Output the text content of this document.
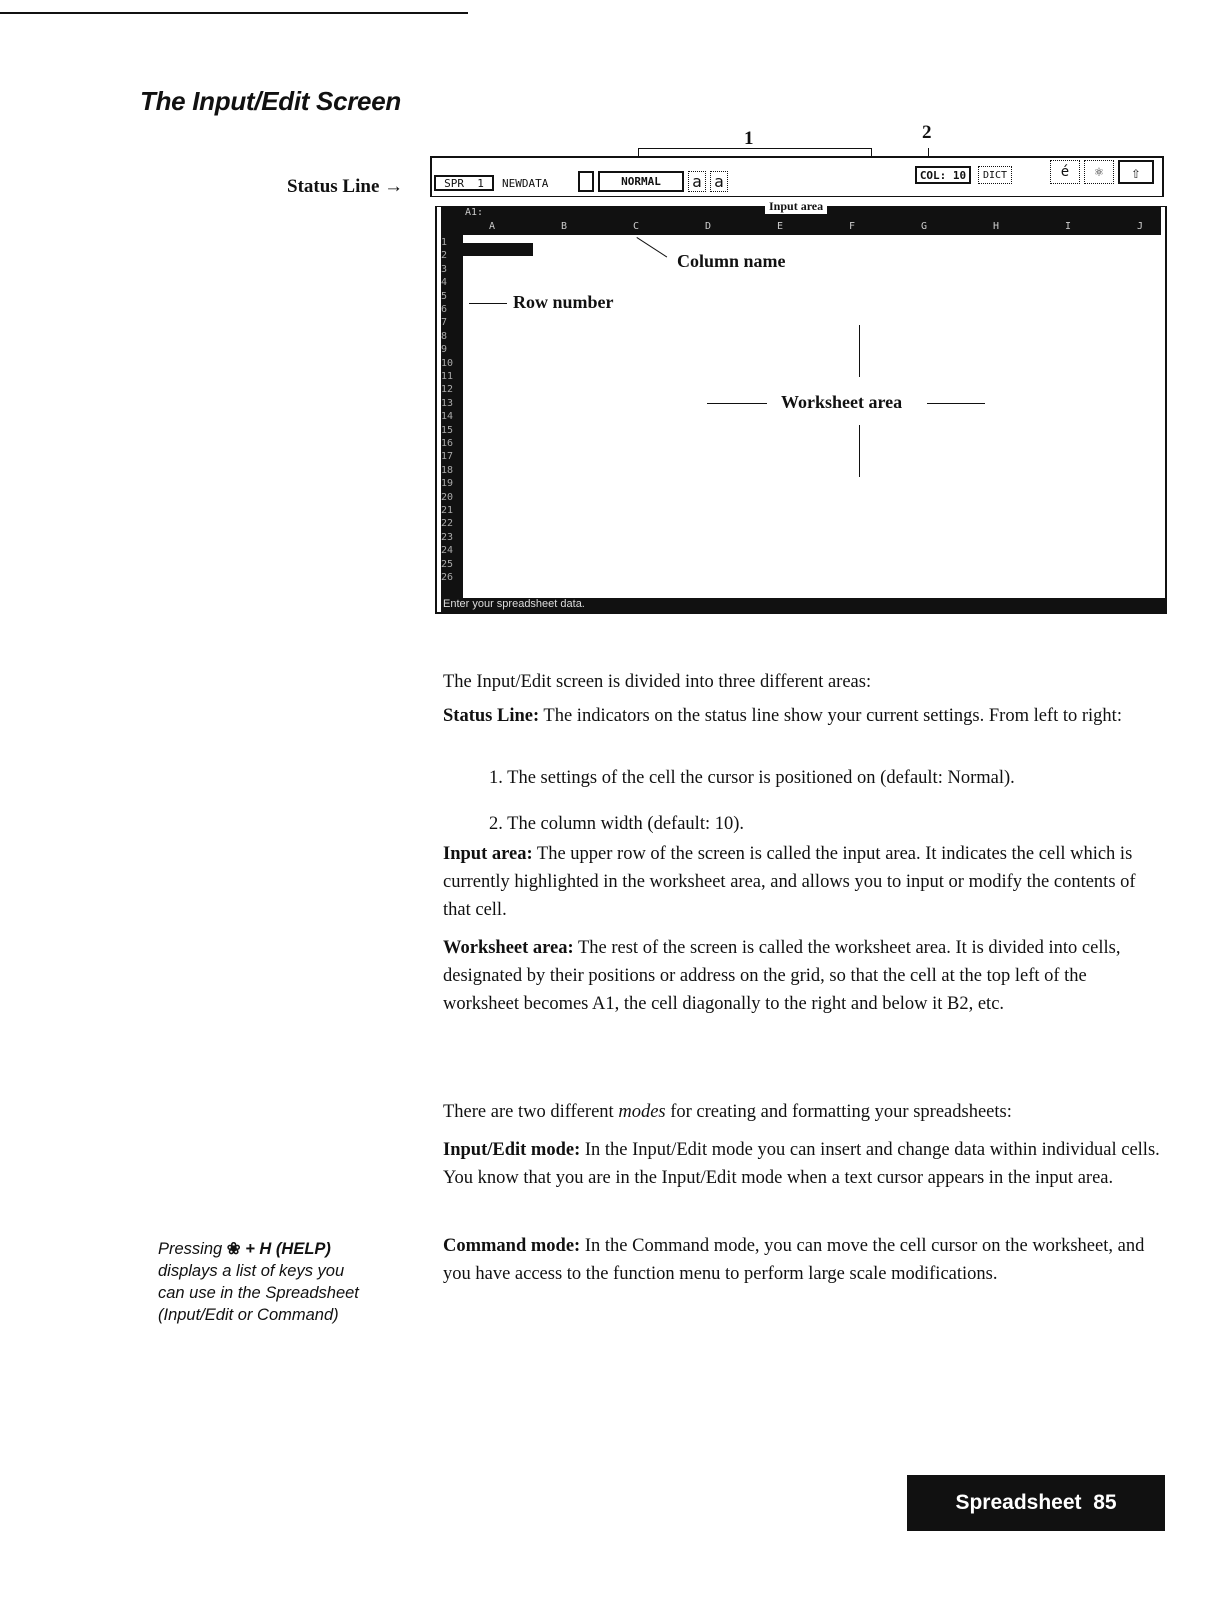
The Input/Edit Screen
Status Line →
1	2
SPR
1 NEWDATA	NORMAL	a a	COL: 10	DICT	é	⚛	⇧
A1:	Input area
A	B	C	D	E	F	G	H	I	J
1
2
3
4
5
6
7
8
9
10
11
12
13
14
15
16
17
18
19
20
21
22
23
24
25
26
Enter your spreadsheet data.
Column name
Row number
Worksheet area
The Input/Edit screen is divided into three different areas:

Status Line: The indicators on the status line show your current settings. From left to right:

1. The settings of the cell the cursor is positioned on (default: Normal).
2. The column width (default: 10).

Input area: The upper row of the screen is called the input area. It indicates the cell which is currently highlighted in the worksheet area, and allows you to input or modify the contents of that cell.

Worksheet area: The rest of the screen is called the worksheet area. It is divided into cells, designated by their positions or address on the grid, so that the cell at the top left of the worksheet becomes A1, the cell diagonally to the right and below it B2, etc.

There are two different modes for creating and formatting your spreadsheets:

Input/Edit mode: In the Input/Edit mode you can insert and change data within individual cells. You know that you are in the Input/Edit mode when a text cursor appears in the input area.

Command mode: In the Command mode, you can move the cell cursor on the worksheet, and you have access to the function menu to perform large scale modifications.

Pressing ❀ + H (HELP)
displays a list of keys you can use in the Spreadsheet (Input/Edit or Command)
Spreadsheet
85
